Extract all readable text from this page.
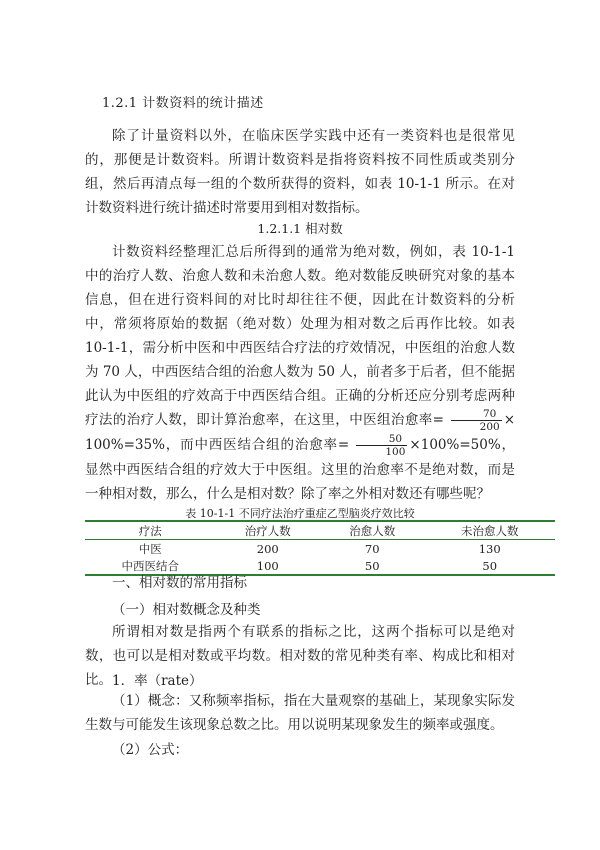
1.2.1 计数资料的统计描述

除了计量资料以外，在临床医学实践中还有一类资料也是很常见的，那便是计数资料。所谓计数资料是指将资料按不同性质或类别分组，然后再清点每一组的个数所获得的资料，如表 10-1-1 所示。在对计数资料进行统计描述时常要用到相对数指标。

1.2.1.1 相对数

计数资料经整理汇总后所得到的通常为绝对数，例如，表 10-1-1 中的治疗人数、治愈人数和未治愈人数。绝对数能反映研究对象的基本信息，但在进行资料间的对比时却往往不便，因此在计数资料的分析中，常须将原始的数据（绝对数）处理为相对数之后再作比较。如表 10-1-1，需分析中医和中西医结合疗法的疗效情况，中医组的治愈人数为 70 人，中西医结合组的治愈人数为 50 人，前者多于后者，但不能据此认为中医组的疗效高于中西医结合组。正确的分析还应分别考虑两种疗法的治疗人数，即计算治愈率，在这里，中医组治愈率= $\frac{70}{200} \times 100\%=35\%$，而中西医结合组的治愈率= $\frac{50}{100} \times 100\%=50\%$，显然中西医结合组的疗效大于中医组。这里的治愈率不是绝对数，而是一种相对数，那么，什么是相对数？除了率之外相对数还有哪些呢？

表 10-1-1 不同疗法治疗重症乙型脑炎疗效比较
疗法	治疗人数	治愈人数	未治愈人数
中医	200	70	130
中西医结合	100	50	50
一、相对数的常用指标
（一）相对数概念及种类

所谓相对数是指两个有联系的指标之比，这两个指标可以是绝对数，也可以是相对数或平均数。相对数的常见种类有率、构成比和相对比。 1．率（rate）

（1）概念：又称频率指标，指在大量观察的基础上，某现象实际发生数与可能发生该现象总数之比。用以说明某现象发生的频率或强度。

（2）公式：
